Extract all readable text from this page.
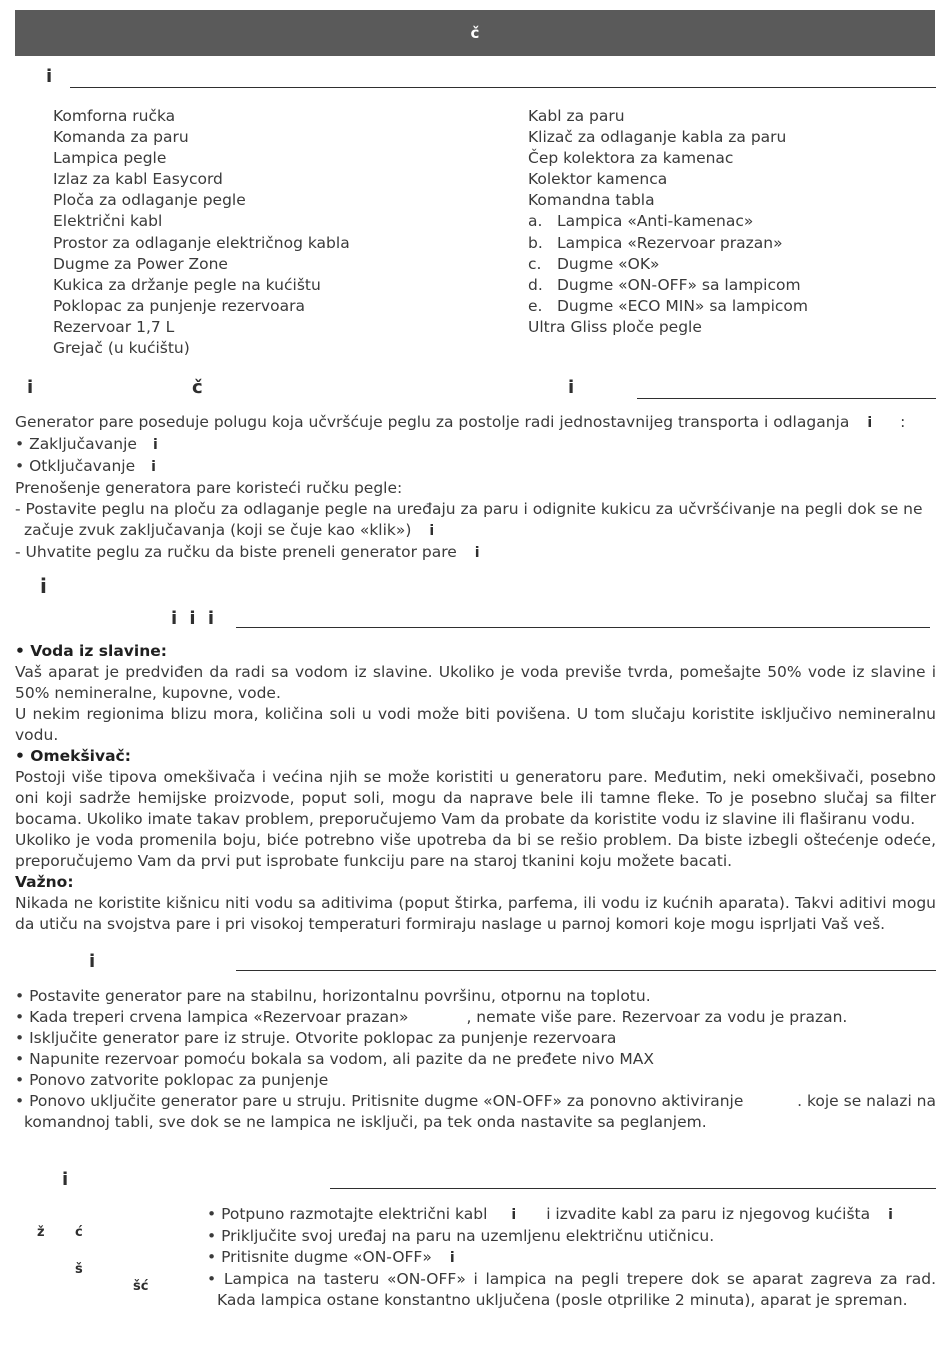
č
i
Komforna ručka
Komanda za paru
Lampica pegle
Izlaz za kabl Easycord
Ploča za odlaganje pegle
Električni kabl
Prostor za odlaganje električnog kabla
Dugme za Power Zone
Kukica za držanje pegle na kućištu
Poklopac za punjenje rezervoara
Rezervoar 1,7 L
Grejač (u kućištu)
Kabl za paru
Klizač za odlaganje kabla za paru
Čep kolektora za kamenac
Kolektor kamenca
Komandna tabla
a. Lampica «Anti-kamenac»
b. Lampica «Rezervoar prazan»
c. Dugme «OK»
d. Dugme «ON-OFF» sa lampicom
e. Dugme «ECO MIN» sa lampicom
Ultra Gliss ploče pegle
i	č	i

Generator pare poseduje polugu koja učvršćuje peglu za postolje radi jednostavnijeg transporta i odlaganja i :

• Zaključavanje i

• Otključavanje i

Prenošenje generatora pare koristeći ručku pegle:

- Postavite peglu na ploču za odlaganje pegle na uređaju za paru i odignite kukicu za učvršćivanje na pegli dok se ne

začuje zvuk zaključavanja (koji se čuje kao «klik») i

- Uhvatite peglu za ručku da biste preneli generator pare i

i
i i i

• Voda iz slavine:

Vaš aparat je predviđen da radi sa vodom iz slavine. Ukoliko je voda previše tvrda, pomešajte 50% vode iz slavine i 50% nemineralne, kupovne, vode.

U nekim regionima blizu mora, količina soli u vodi može biti povišena. U tom slučaju koristite isključivo nemineralnu vodu.

• Omekšivač:

Postoji više tipova omekšivača i većina njih se može koristiti u generatoru pare. Međutim, neki omekšivači, posebno oni koji sadrže hemijske proizvode, poput soli, mogu da naprave bele ili tamne fleke. To je posebno slučaj sa filter bocama. Ukoliko imate takav problem, preporučujemo Vam da probate da koristite vodu iz slavine ili flaširanu vodu.

Ukoliko je voda promenila boju, biće potrebno više upotreba da bi se rešio problem. Da biste izbegli oštećenje odeće, preporučujemo Vam da prvi put isprobate funkciju pare na staroj tkanini koju možete bacati.

Važno:

Nikada ne koristite kišnicu niti vodu sa aditivima (poput štirka, parfema, ili vodu iz kućnih aparata). Takvi aditivi mogu da utiču na svojstva pare i pri visokoj temperaturi formiraju naslage u parnoj komori koje mogu isprljati Vaš veš.

i

• Postavite generator pare na stabilnu, horizontalnu površinu, otpornu na toplotu.

• Kada treperi crvena lampica «Rezervoar prazan»	, nemate više pare. Rezervoar za vodu je prazan.

• Isključite generator pare iz struje. Otvorite poklopac za punjenje rezervoara

• Napunite rezervoar pomoću bokala sa vodom, ali pazite da ne pređete nivo MAX

• Ponovo zatvorite poklopac za punjenje

• Ponovo uključite generator pare u struju. Pritisnite dugme «ON-OFF» za ponovno aktiviranje	. koje se nalazi na

komandnoj tabli, sve dok se ne lampica ne isključi, pa tek onda nastavite sa peglanjem.

i
ž ć
š
šć

• Potpuno razmotajte električni kabl i i izvadite kabl za paru iz njegovog kućišta i

• Priključite svoj uređaj na paru na uzemljenu električnu utičnicu.

• Pritisnite dugme «ON-OFF» i

• Lampica na tasteru «ON-OFF» i lampica na pegli trepere dok se aparat zagreva za rad. Kada lampica ostane konstantno uključena (posle otprilike 2 minuta), aparat je spreman.
